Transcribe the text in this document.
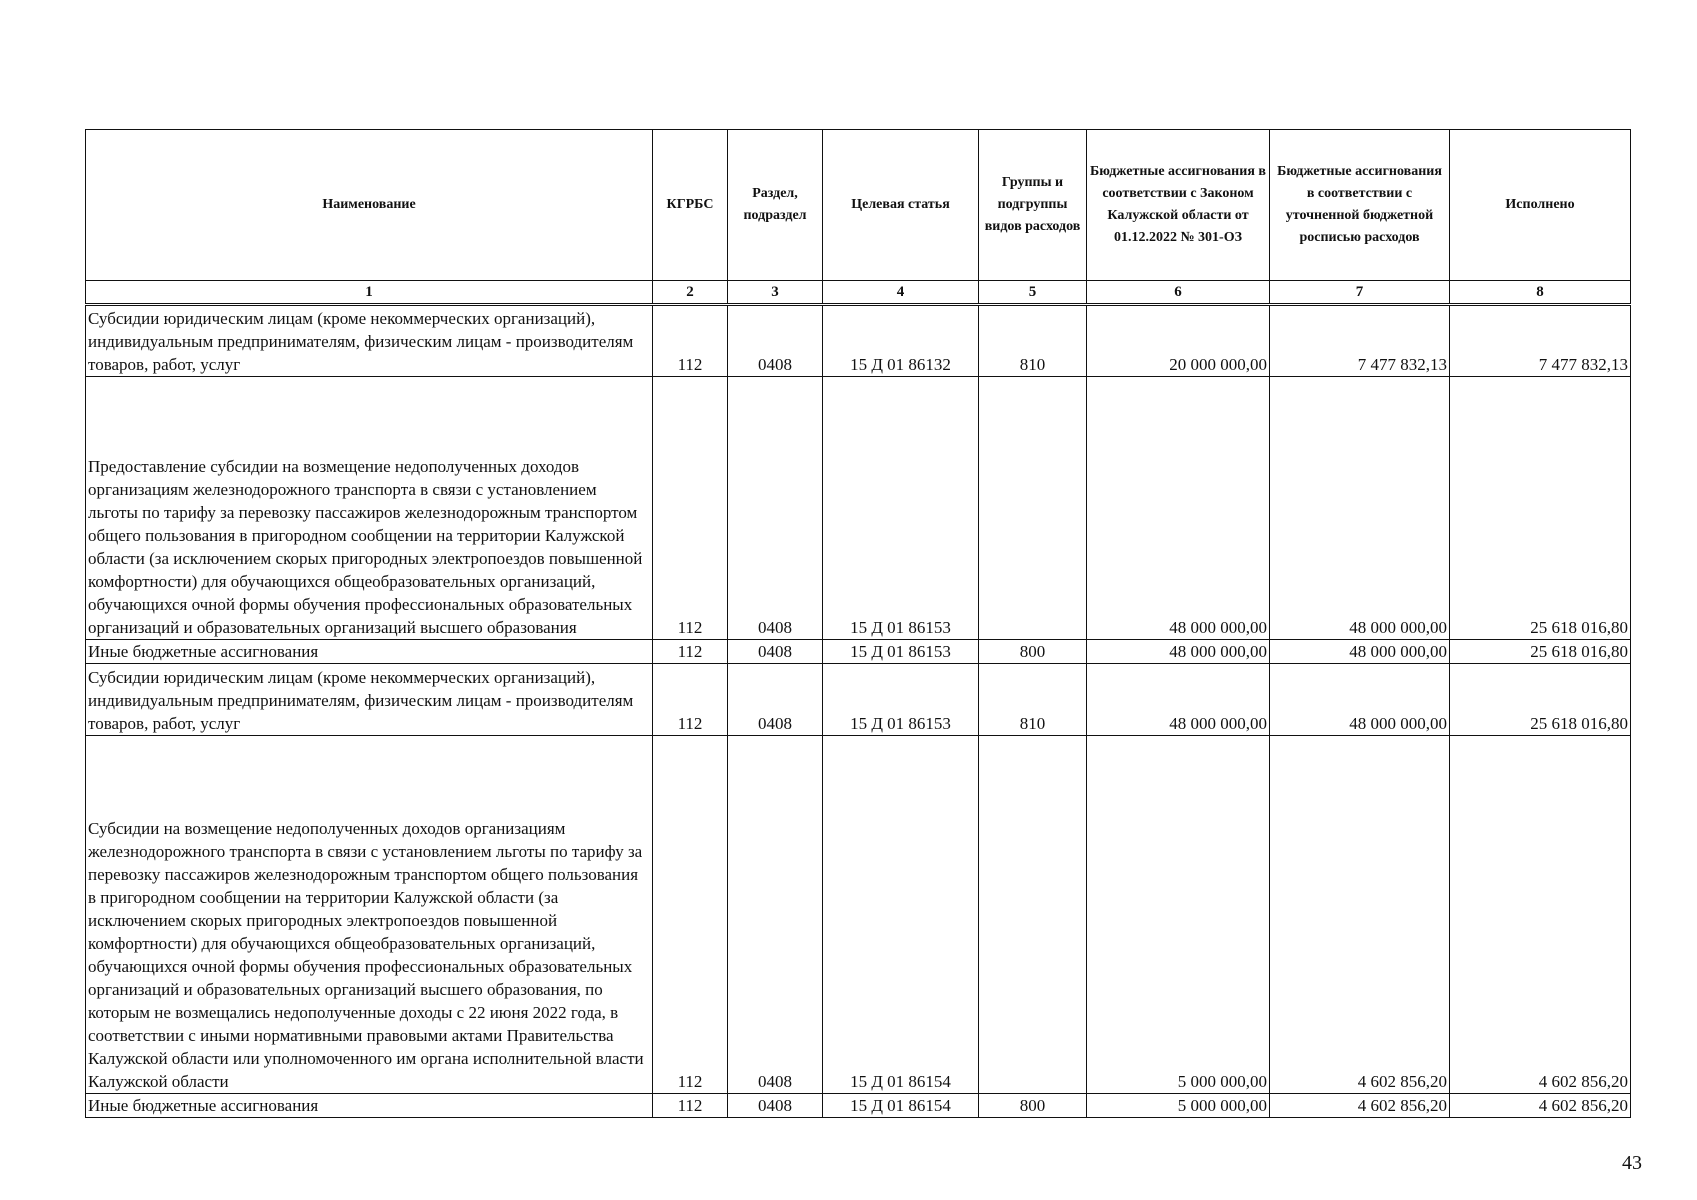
Наименование	КГРБС	Раздел, подраздел	Целевая статья	Группы и подгруппы видов расходов	Бюджетные ассигнования в соответствии с Законом Калужской области от 01.12.2022 № 301-ОЗ	Бюджетные ассигнования в соответствии с уточненной бюджетной росписью расходов	Исполнено
1	2	3	4	5	6	7	8
Субсидии юридическим лицам (кроме некоммерческих организаций), индивидуальным предпринимателям, физическим лицам - производителям товаров, работ, услуг	112	0408	15 Д 01 86132	810	20 000 000,00	7 477 832,13	7 477 832,13
Предоставление субсидии на возмещение недополученных доходов организациям железнодорожного транспорта в связи с установлением льготы по тарифу за перевозку пассажиров железнодорожным транспортом общего пользования в пригородном сообщении на территории Калужской области (за исключением скорых пригородных электропоездов повышенной комфортности) для обучающихся общеобразовательных организаций, обучающихся очной формы обучения профессиональных образовательных организаций и образовательных организаций высшего образования	112	0408	15 Д 01 86153		48 000 000,00	48 000 000,00	25 618 016,80
Иные бюджетные ассигнования	112	0408	15 Д 01 86153	800	48 000 000,00	48 000 000,00	25 618 016,80
Субсидии юридическим лицам (кроме некоммерческих организаций), индивидуальным предпринимателям, физическим лицам - производителям товаров, работ, услуг	112	0408	15 Д 01 86153	810	48 000 000,00	48 000 000,00	25 618 016,80
Субсидии на возмещение недополученных доходов организациям железнодорожного транспорта в связи с установлением льготы по тарифу за перевозку пассажиров железнодорожным транспортом общего пользования в пригородном сообщении на территории Калужской области (за исключением скорых пригородных электропоездов повышенной комфортности) для обучающихся общеобразовательных организаций, обучающихся очной формы обучения профессиональных образовательных организаций и образовательных организаций высшего образования, по которым не возмещались недополученные доходы с 22 июня 2022 года, в соответствии с иными нормативными правовыми актами Правительства Калужской области или уполномоченного им органа исполнительной власти Калужской области	112	0408	15 Д 01 86154		5 000 000,00	4 602 856,20	4 602 856,20
Иные бюджетные ассигнования	112	0408	15 Д 01 86154	800	5 000 000,00	4 602 856,20	4 602 856,20
43
